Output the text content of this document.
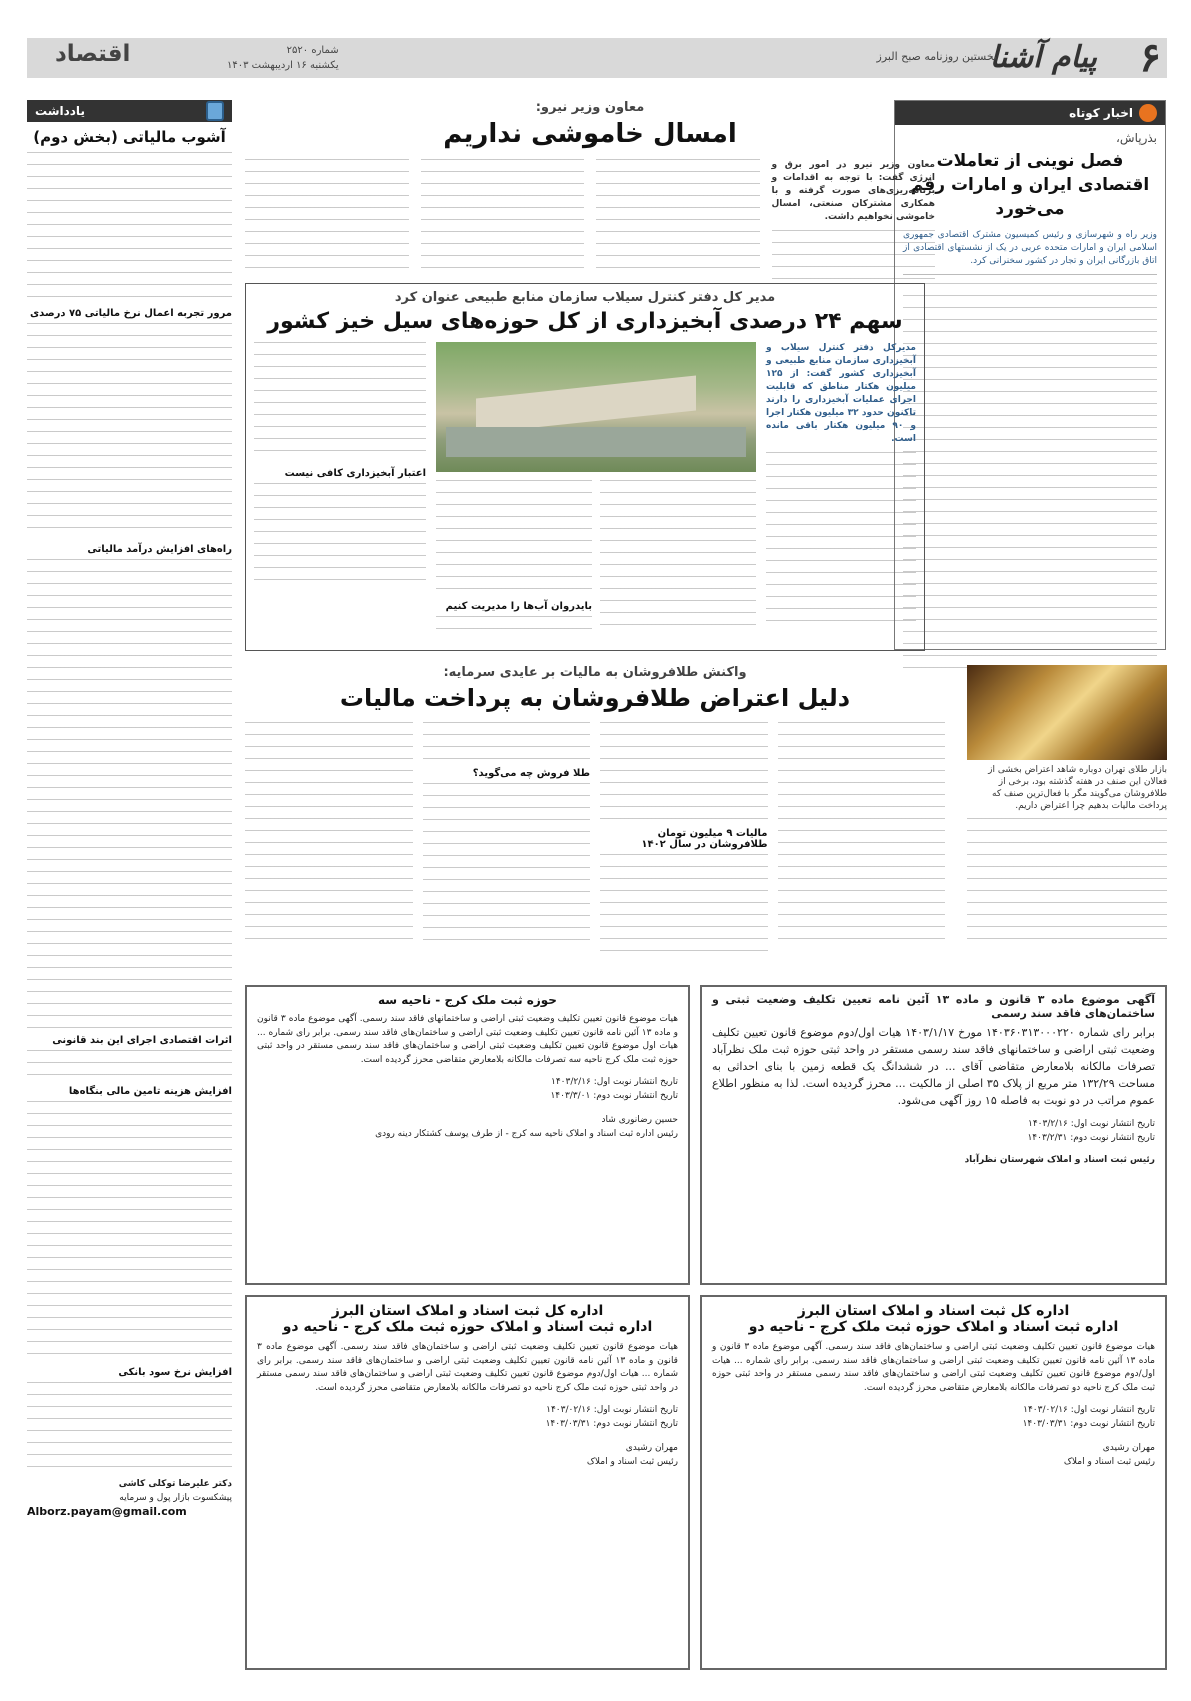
۶
پیام آشنا
نخستین روزنامه صبح البرز
شماره ۲۵۲۰
یکشنبه ۱۶ اردیبهشت ۱۴۰۳
اقتصاد
اخبار کوتاه
بذرپاش،
فصل نوینی از تعاملات اقتصادی ایران و امارات رقم می‌خورد
وزیر راه و شهرسازی و رئیس کمیسیون مشترک اقتصادی جمهوری اسلامی ایران و امارات متحده عربی در یک از نشستهای اقتصادی از اتاق بازرگانی ایران و تجار در کشور سخنرانی کرد.
معاون وزیر نیرو:
امسال خاموشی نداریم
معاون وزیر نیرو در امور برق و انرژی گفت: با توجه به اقدامات و برنامه‌ریزی‌های صورت گرفته و با همکاری مشترکان صنعتی، امسال خاموشی نخواهیم داشت.
مدیر کل دفتر کنترل سیلاب سازمان منابع طبیعی عنوان کرد
سهم ۲۴ درصدی آبخیزداری از کل حوزه‌های سیل خیز کشور
مدیرکل دفتر کنترل سیلاب و آبخیزداری سازمان منابع طبیعی و آبخیزداری کشور گفت: از ۱۲۵ میلیون هکتار مناطق که قابلیت اجرای عملیات آبخیزداری را دارند تاکنون حدود ۳۲ میلیون هکتار اجرا و ۹۰ میلیون هکتار باقی مانده است.
بایدروان آب‌ها را مدیریت کنیم
اعتبار آبخیزداری کافی نیست
بازار طلای تهران دوباره شاهد اعتراض بخشی از فعالان این صنف در هفته گذشته بود، برخی از طلافروشان می‌گویند مگر با فعال‌ترین صنف که پرداخت مالیات بدهیم چرا اعتراض داریم.
واکنش طلافروشان به مالیات بر عایدی سرمایه:
دلیل اعتراض طلافروشان به پرداخت مالیات
ماليات ۹ میلیون تومان طلافروشان در سال ۱۴۰۲
طلا فروش چه می‌گوید؟
یادداشت
آشوب مالیاتی (بخش دوم)
مرور تجربه اعمال نرخ مالیاتی ۷۵ درصدی
راه‌های افزایش درآمد مالیاتی
اثرات اقتصادی اجرای این بند قانونی
افزایش هزینه تامین مالی بنگاه‌ها
افزایش نرخ سود بانکی
دکتر علیرضا توکلی کاشی
پیشکسوت بازار پول و سرمایه
Alborz.payam@gmail.com
آگهی موضوع ماده ۳ قانون و ماده ۱۳ آئین نامه تعیین تکلیف وضعیت ثبتی و ساختمان‌های فاقد سند رسمی
برابر رای شماره ۱۴۰۳۶۰۳۱۳۰۰۰۲۲۰ مورخ ۱۴۰۳/۱/۱۷ هیات اول/دوم موضوع قانون تعیین تکلیف وضعیت ثبتی اراضی و ساختمانهای فاقد سند رسمی مستقر در واحد ثبتی حوزه ثبت ملک نظرآباد تصرفات مالکانه بلامعارض متقاضی آقای ... در ششدانگ یک قطعه زمین با بنای احداثی به مساحت ۱۳۲/۲۹ متر مربع از پلاک ۳۵ اصلی از مالکیت ... محرز گردیده است. لذا به منظور اطلاع عموم مراتب در دو نوبت به فاصله ۱۵ روز آگهی می‌شود.
تاریخ انتشار نوبت اول: ۱۴۰۳/۲/۱۶
تاریخ انتشار نوبت دوم: ۱۴۰۳/۲/۳۱
رئیس ثبت اسناد و املاک شهرستان نظرآباد
حوزه ثبت ملک کرج - ناحیه سه
هیات موضوع قانون تعیین تکلیف وضعیت ثبتی اراضی و ساختمانهای فاقد سند رسمی. آگهی موضوع ماده ۳ قانون و ماده ۱۳ آئین نامه قانون تعیین تکلیف وضعیت ثبتی اراضی و ساختمان‌های فاقد سند رسمی. برابر رای شماره ... هیات اول موضوع قانون تعیین تکلیف وضعیت ثبتی اراضی و ساختمان‌های فاقد سند رسمی مستقر در واحد ثبتی حوزه ثبت ملک کرج ناحیه سه تصرفات مالکانه بلامعارض متقاضی محرز گردیده است.
تاریخ انتشار نوبت اول: ۱۴۰۳/۲/۱۶
تاریخ انتشار نوبت دوم: ۱۴۰۳/۳/۰۱
حسین رضانوری شاد
رئیس اداره ثبت اسناد و املاک ناحیه سه کرج - از طرف یوسف کشتکار دینه رودی
اداره کل ثبت اسناد و املاک استان البرز
اداره ثبت اسناد و املاک حوزه ثبت ملک کرج - ناحیه دو
هیات موضوع قانون تعیین تکلیف وضعیت ثبتی اراضی و ساختمان‌های فاقد سند رسمی. آگهی موضوع ماده ۳ قانون و ماده ۱۳ آئین نامه قانون تعیین تکلیف وضعیت ثبتی اراضی و ساختمان‌های فاقد سند رسمی. برابر رای شماره ... هیات اول/دوم موضوع قانون تعیین تکلیف وضعیت ثبتی اراضی و ساختمان‌های فاقد سند رسمی مستقر در واحد ثبتی حوزه ثبت ملک کرج ناحیه دو تصرفات مالکانه بلامعارض متقاضی محرز گردیده است.
تاریخ انتشار نوبت اول: ۱۴۰۳/۰۲/۱۶
تاریخ انتشار نوبت دوم: ۱۴۰۳/۰۳/۳۱
مهران رشیدی
رئیس ثبت اسناد و املاک
اداره کل ثبت اسناد و املاک استان البرز
اداره ثبت اسناد و املاک حوزه ثبت ملک کرج - ناحیه دو
هیات موضوع قانون تعیین تکلیف وضعیت ثبتی اراضی و ساختمان‌های فاقد سند رسمی. آگهی موضوع ماده ۳ قانون و ماده ۱۳ آئین نامه قانون تعیین تکلیف وضعیت ثبتی اراضی و ساختمان‌های فاقد سند رسمی. برابر رای شماره ... هیات اول/دوم موضوع قانون تعیین تکلیف وضعیت ثبتی اراضی و ساختمان‌های فاقد سند رسمی مستقر در واحد ثبتی حوزه ثبت ملک کرج ناحیه دو تصرفات مالکانه بلامعارض متقاضی محرز گردیده است.
تاریخ انتشار نوبت اول: ۱۴۰۳/۰۲/۱۶
تاریخ انتشار نوبت دوم: ۱۴۰۳/۰۳/۳۱
مهران رشیدی
رئیس ثبت اسناد و املاک
